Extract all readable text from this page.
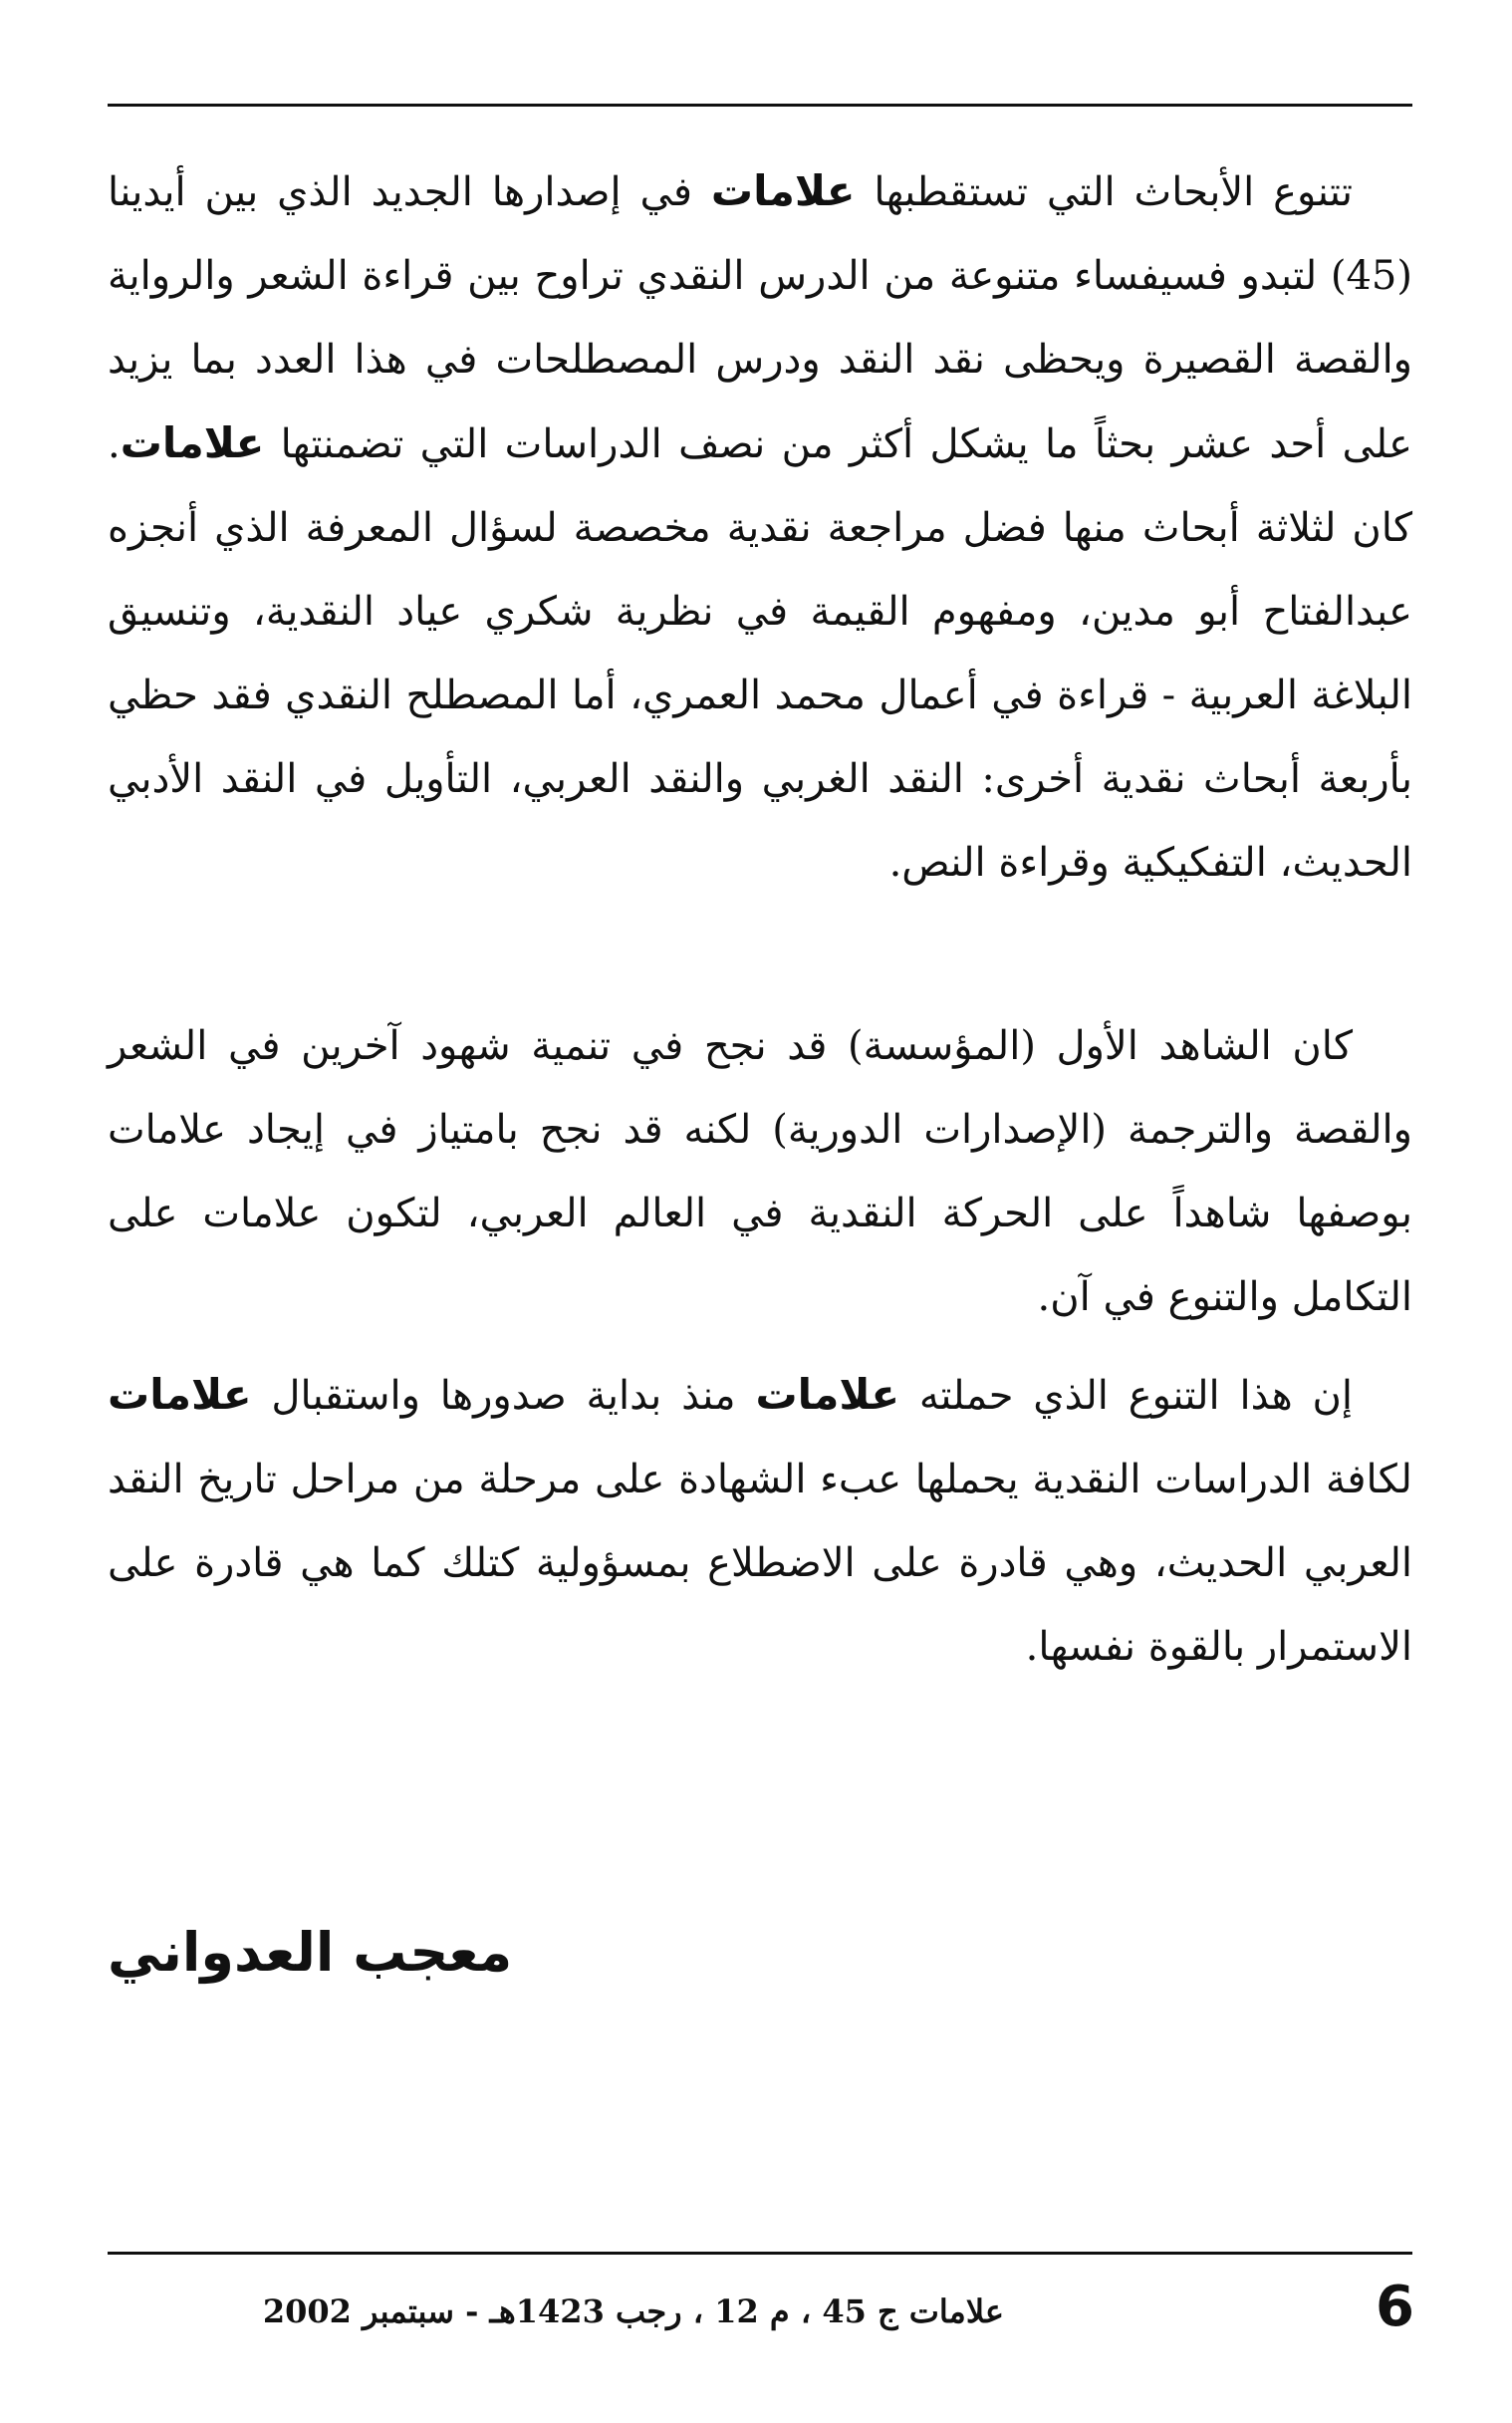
تتنوع الأبحاث التي تستقطبها علامات في إصدارها الجديد الذي بين أيدينا (45) لتبدو فسيفساء متنوعة من الدرس النقدي تراوح بين قراءة الشعر والرواية والقصة القصيرة ويحظى نقد النقد ودرس المصطلحات في هذا العدد بما يزيد على أحد عشر بحثاً ما يشكل أكثر من نصف الدراسات التي تضمنتها علامات. كان لثلاثة أبحاث منها فضل مراجعة نقدية مخصصة لسؤال المعرفة الذي أنجزه عبدالفتاح أبو مدين، ومفهوم القيمة في نظرية شكري عياد النقدية، وتنسيق البلاغة العربية - قراءة في أعمال محمد العمري، أما المصطلح النقدي فقد حظي بأربعة أبحاث نقدية أخرى: النقد الغربي والنقد العربي، التأويل في النقد الأدبي الحديث، التفكيكية وقراءة النص.

كان الشاهد الأول (المؤسسة) قد نجح في تنمية شهود آخرين في الشعر والقصة والترجمة (الإصدارات الدورية) لكنه قد نجح بامتياز في إيجاد علامات بوصفها شاهداً على الحركة النقدية في العالم العربي، لتكون علامات على التكامل والتنوع في آن.

إن هذا التنوع الذي حملته علامات منذ بداية صدورها واستقبال علامات لكافة الدراسات النقدية يحملها عبء الشهادة على مرحلة من مراحل تاريخ النقد العربي الحديث، وهي قادرة على الاضطلاع بمسؤولية كتلك كما هي قادرة على الاستمرار بالقوة نفسها.

معجب العدواني
6
علامات ج 45 ، م 12 ، رجب 1423هـ - سبتمبر 2002
